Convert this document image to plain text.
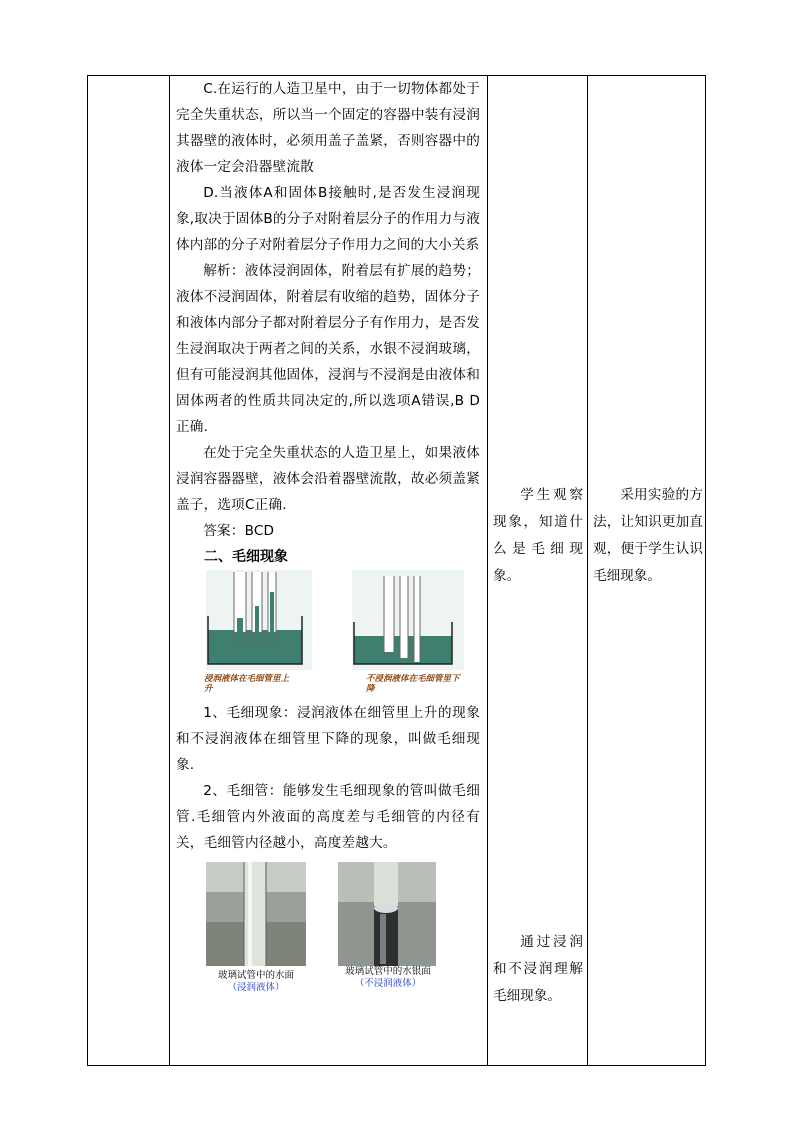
C.在运行的人造卫星中，由于一切物体都处于完全失重状态，所以当一个固定的容器中装有浸润其器壁的液体时，必须用盖子盖紧，否则容器中的液体一定会沿器壁流散

D.当液体A和固体B接触时,是否发生浸润现象,取决于固体B的分子对附着层分子的作用力与液体内部的分子对附着层分子作用力之间的大小关系

解析：液体浸润固体，附着层有扩展的趋势；液体不浸润固体，附着层有收缩的趋势，固体分子和液体内部分子都对附着层分子有作用力，是否发生浸润取决于两者之间的关系，水银不浸润玻璃，但有可能浸润其他固体，浸润与不浸润是由液体和固体两者的性质共同决定的,所以选项A错误,B D正确.

在处于完全失重状态的人造卫星上，如果液体浸润容器器壁，液体会沿着器壁流散，故必须盖紧盖子，选项C正确.

答案：BCD

二、毛细现象

浸润液体在毛细管里上升
不浸润液体在毛细管里下降

1、毛细现象：浸润液体在细管里上升的现象和不浸润液体在细管里下降的现象，叫做毛细现象.

2、毛细管：能够发生毛细现象的管叫做毛细管.毛细管内外液面的高度差与毛细管的内径有关，毛细管内径越小，高度差越大。

玻璃试管中的水面
（浸润液体）
玻璃试管中的水银面
（不浸润液体）
学生观察现象，知道什么是毛细现象。
采用实验的方法，让知识更加直观，便于学生认识毛细现象。
通过浸润和不浸润理解毛细现象。
